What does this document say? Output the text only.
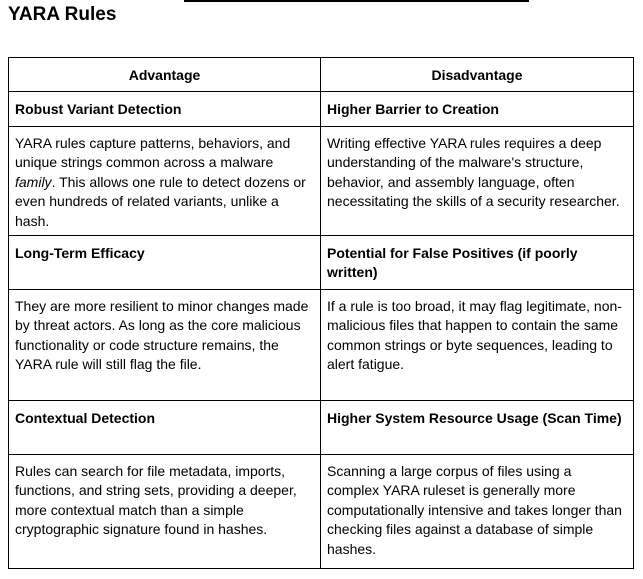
YARA Rules
Advantage	Disadvantage

Robust Variant Detection	Higher Barrier to Creation

YARA rules capture patterns, behaviors, and unique strings common across a malware family. This allows one rule to detect dozens or even hundreds of related variants, unlike a hash.	Writing effective YARA rules requires a deep understanding of the malware's structure, behavior, and assembly language, often necessitating the skills of a security researcher.

Long-Term Efficacy	Potential for False Positives (if poorly written)

They are more resilient to minor changes made by threat actors. As long as the core malicious functionality or code structure remains, the YARA rule will still flag the file.	If a rule is too broad, it may flag legitimate, non-malicious files that happen to contain the same common strings or byte sequences, leading to alert fatigue.

Contextual Detection	Higher System Resource Usage (Scan Time)

Rules can search for file metadata, imports, functions, and string sets, providing a deeper, more contextual match than a simple cryptographic signature found in hashes.	Scanning a large corpus of files using a complex YARA ruleset is generally more computationally intensive and takes longer than checking files against a database of simple hashes.
